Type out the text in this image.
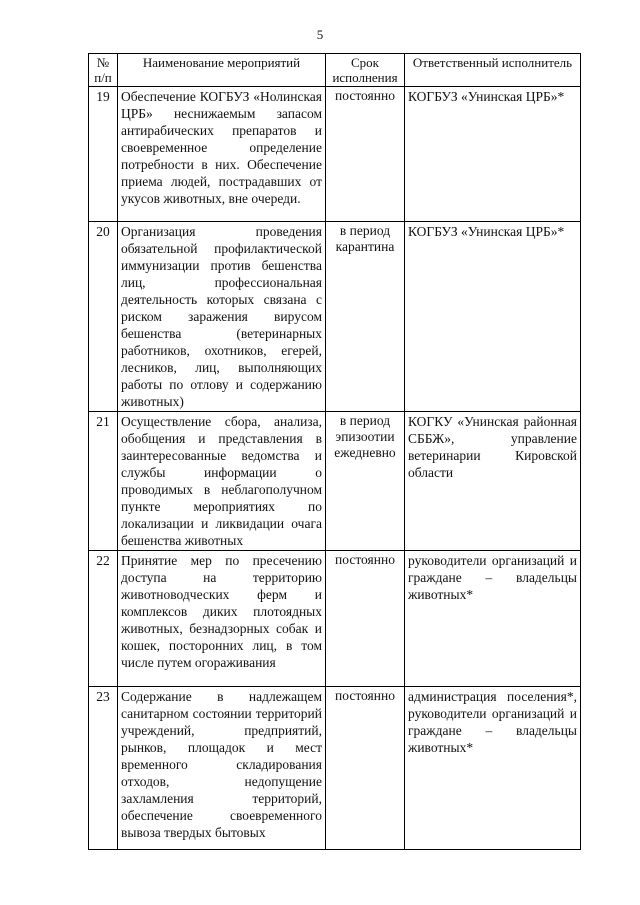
5
№ п/п	Наименование мероприятий	Срок исполнения	Ответственный исполнитель
19	Обеспечение КОГБУЗ «Нолинская ЦРБ» неснижаемым запасом антирабических препаратов и своевременное определение потребности в них. Обеспечение приема людей, пострадавших от укусов животных, вне очереди.	постоянно	КОГБУЗ «Унинская ЦРБ»*
20	Организация проведения обязательной профилактической иммунизации против бешенства лиц, профессиональная деятельность которых связана с риском заражения вирусом бешенства (ветеринарных работников, охотников, егерей, лесников, лиц, выполняющих работы по отлову и содержанию животных)	в период карантина	КОГБУЗ «Унинская ЦРБ»*
21	Осуществление сбора, анализа, обобщения и представления в заинтересованные ведомства и службы информации о проводимых в неблагополучном пункте мероприятиях по локализации и ликвидации очага бешенства животных	в период эпизоотии ежедневно	КОГКУ «Унинская районная СББЖ», управление ветеринарии Кировской области
22	Принятие мер по пресечению доступа на территорию животноводческих ферм и комплексов диких плотоядных животных, безнадзорных собак и кошек, посторонних лиц, в том числе путем огораживания	постоянно	руководители организаций и граждане – владельцы животных*
23	Содержание в надлежащем санитарном состоянии территорий учреждений, предприятий, рынков, площадок и мест временного складирования отходов, недопущение захламления территорий, обеспечение своевременного вывоза твердых бытовых	постоянно	администрация поселения*, руководители организаций и граждане – владельцы животных*
